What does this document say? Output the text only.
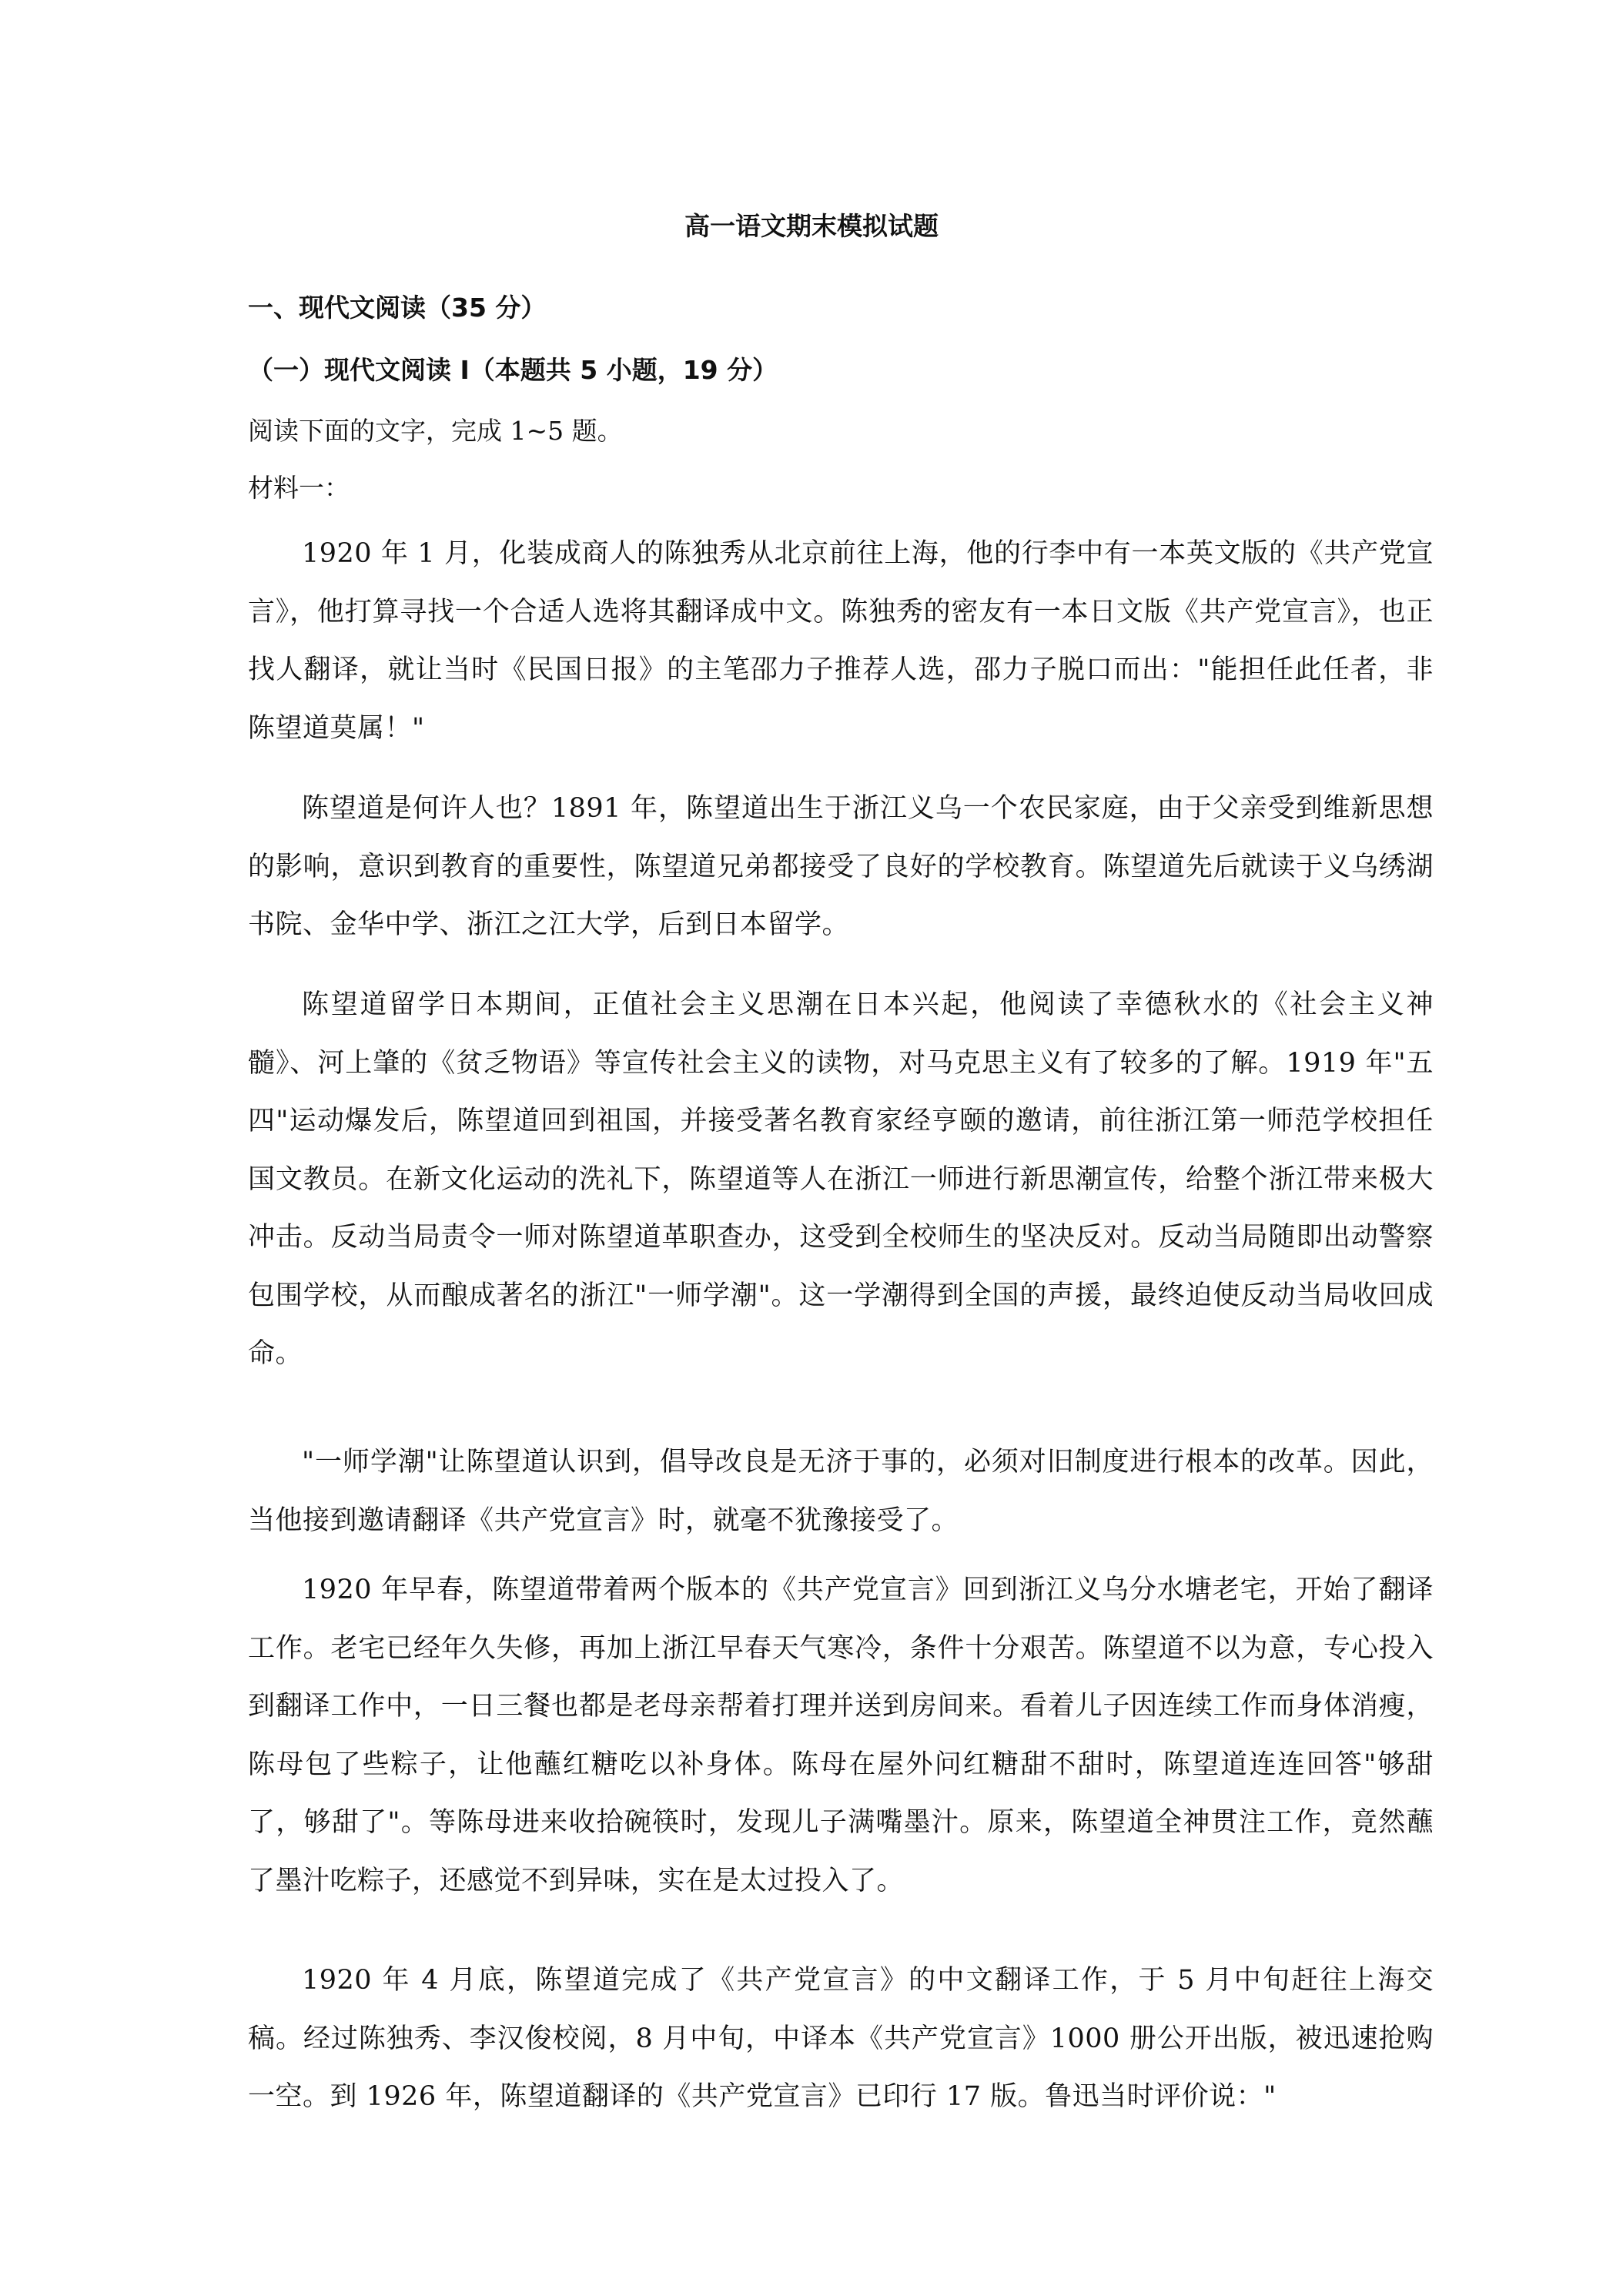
高一语文期末模拟试题
一、现代文阅读（35 分）
（一）现代文阅读 I（本题共 5 小题，19 分）
阅读下面的文字，完成 1~5 题。
材料一：

1920 年 1 月，化装成商人的陈独秀从北京前往上海，他的行李中有一本英文版的《共产党宣言》，他打算寻找一个合适人选将其翻译成中文。陈独秀的密友有一本日文版《共产党宣言》，也正找人翻译，就让当时《民国日报》的主笔邵力子推荐人选，邵力子脱口而出："能担任此任者，非陈望道莫属！"

陈望道是何许人也？1891 年，陈望道出生于浙江义乌一个农民家庭，由于父亲受到维新思想的影响，意识到教育的重要性，陈望道兄弟都接受了良好的学校教育。陈望道先后就读于义乌绣湖书院、金华中学、浙江之江大学，后到日本留学。

陈望道留学日本期间，正值社会主义思潮在日本兴起，他阅读了幸德秋水的《社会主义神髓》、河上肇的《贫乏物语》等宣传社会主义的读物，对马克思主义有了较多的了解。1919 年"五四"运动爆发后，陈望道回到祖国，并接受著名教育家经亨颐的邀请，前往浙江第一师范学校担任国文教员。在新文化运动的洗礼下，陈望道等人在浙江一师进行新思潮宣传，给整个浙江带来极大冲击。反动当局责令一师对陈望道革职查办，这受到全校师生的坚决反对。反动当局随即出动警察包围学校，从而酿成著名的浙江"一师学潮"。这一学潮得到全国的声援，最终迫使反动当局收回成命。

"一师学潮"让陈望道认识到，倡导改良是无济于事的，必须对旧制度进行根本的改革。因此，当他接到邀请翻译《共产党宣言》时，就毫不犹豫接受了。

1920 年早春，陈望道带着两个版本的《共产党宣言》回到浙江义乌分水塘老宅，开始了翻译工作。老宅已经年久失修，再加上浙江早春天气寒冷，条件十分艰苦。陈望道不以为意，专心投入到翻译工作中，一日三餐也都是老母亲帮着打理并送到房间来。看着儿子因连续工作而身体消瘦，陈母包了些粽子，让他蘸红糖吃以补身体。陈母在屋外问红糖甜不甜时，陈望道连连回答"够甜了，够甜了"。等陈母进来收拾碗筷时，发现儿子满嘴墨汁。原来，陈望道全神贯注工作，竟然蘸了墨汁吃粽子，还感觉不到异味，实在是太过投入了。

1920 年 4 月底，陈望道完成了《共产党宣言》的中文翻译工作，于 5 月中旬赶往上海交稿。经过陈独秀、李汉俊校阅，8 月中旬，中译本《共产党宣言》1000 册公开出版，被迅速抢购一空。到 1926 年，陈望道翻译的《共产党宣言》已印行 17 版。鲁迅当时评价说："
